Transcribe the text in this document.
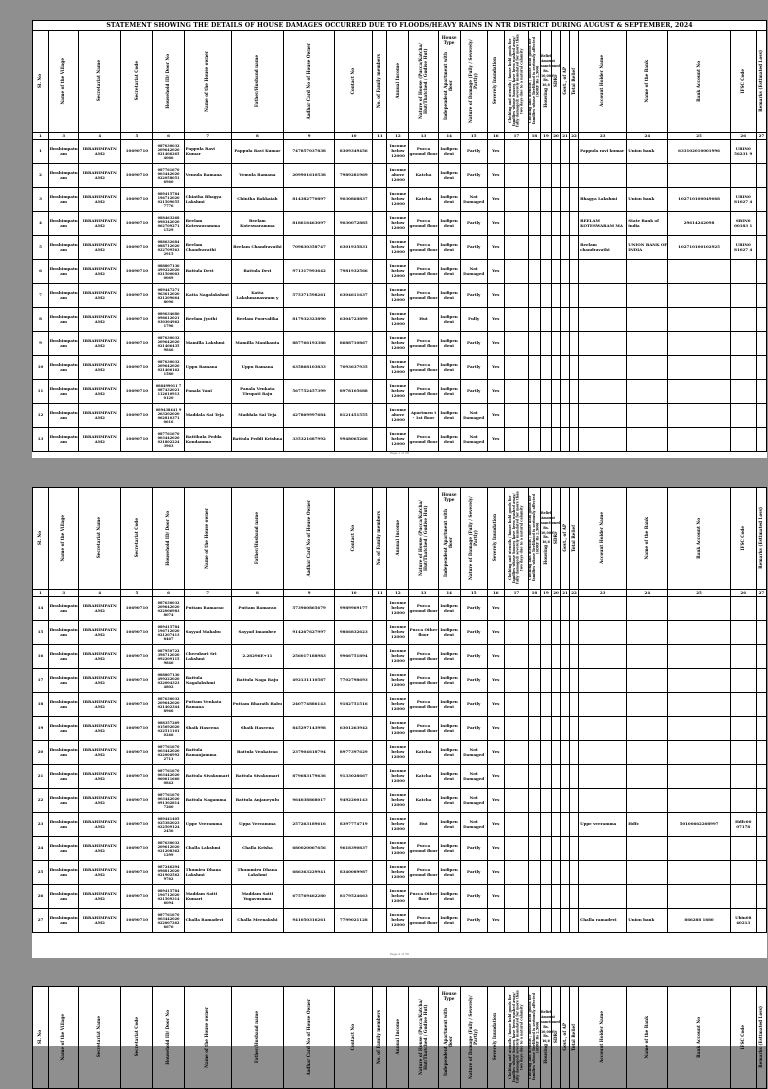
STATEMENT SHOWING THE DETAILS OF HOUSE DAMAGES OCCURRED DUE TO FLOODS/HEAVY RAINS IN NTR DISTRICT DURING AUGUST & SEPTEMBER, 2024
Sl. No	Name of the Village	Secretariat Name	Secretariat Code	Household ID/ Door No	Name of the House owner	Father/Husband name	Aadhar Card No of House Owner	Contact No	No. of Family members	Annual Income	Nature of House (Pucca/Katcha/ Hut/Thatched / Gudise Hut)	House Type
Independent Apartment with floor	Nature of Damage (Fully / Severely/ Partly)	Severely Inundation	Clothing and utensils / house hold goods for families whose houses have been washed away/ fully damaged/ severely inundated for more than two days due to a natural calamity	Clothing and utensils / house hold goods for families whose livelihood is seriously affected (SDRF Rs 2,500)	Relief Amount sanctioned Rs. 10,000 Rs. 16,6
Housing	SDRF	Govt., of AP	Total Relief	Account Holder Name	Name of the Bank	Bank Account No	IFSC Code	Remarks (Estimated Loss)
1	3	4	5	6	7	8	9	10	11	12	13	14	15	16	17	18	19	20	21	22	23	24	25	26	27
1	Ibrahimpatn am	IBRAHIMPATN AM2	10690710	087630032 209642020 021406265 4066	Pappula Ravi Kumar	Pappula Ravi Kumar	747857037838	8309349456		Income below 12000	Pucca ground floor	Indipen dent	Partly	Yes							Pappula ravi kumar	Union bank	633102010001996	UBIN0 56231 9	
2	Ibrahimpatn am	IBRAHIMPATN AM2	10690710	087761670 003442020 022058051 6960	Vemula Ramana	Vemula Ramana	209901610538	7989281969		Income above 12000	Katcha	Indipen dent	Partly	Yes											
3	Ibrahimpatn am	IBRAHIMPATN AM2	10690710	089415784 196712020 021509655 7776	Chintha Bhagya Lakshmi	Chintha Bakkaiah	814382770897	9030868837		Income below 12000	Katcha	Indipen dent	Not Damaged	Yes							Bhagya Lakshmi	Union bank	102710100049068	UBIN0 81027 4	
4	Ibrahimpatn am	IBRAHIMPATN AM2	10690710	088463268 098342020 062709271 1529	Beelam Koteswaramma	Beelam Koteswaramma	818616463097	9030072885		Income below 12000	Pucca ground floor	Indipen dent	Partly	Yes							BEELAM KOTESWARAM MA	State Bank of india	29614242098	SBIN0 00183 1	
5	Ibrahimpatn am	IBRAHIMPATN AM2	10690710	088632684 088712020 022709563 2915	Beelam Chandravathi	Beelam Chandravathi	709830358747	6301935831		Income below 12000	Pucca ground floor	Indipen dent	Partly	Yes							Beelam chandravathi	UNION BANK OF INDIA	102710100102925	UBIN0 81027 4	
6	Ibrahimpatn am	IBRAHIMPATN AM2	10690710	088807136 499222020 021500003 0069	Battula Devi	Battula Devi	971317993642	7981932566		Income below 12000	Pucca ground floor	Indipen dent	Not Damaged	Yes											
7	Ibrahimpatn am	IBRAHIMPATN AM2	10690710	089447271 963612020 021209664 8096	Katta Nagalakshmi	Katta Lakshmanaswam y	575371598261	6304611637		Income below 12000	Pucca ground floor	Indipen dent	Partly	Yes											
8	Ibrahimpatn am	IBRAHIMPATN AM2	10690710	089634680 098612021 030304962 1796	Beelam Jyothi	Beelam Poorvalika	817932323890	6304723899		Income below 12000	Hut	Indipen dent	Fully	Yes											
9	Ibrahimpatn am	IBRAHIMPATN AM2	10690710	087630032 209642020 021406435 9846	Mamilla Lakshmi	Mamilla Manikanta	887766193386	8688710867		Income below 12000	Pucca ground floor	Indipen dent	Partly	Yes											
10	Ibrahimpatn am	IBRAHIMPATN AM2	10690710	087630032 209642020 021406162 1580	Uppu Ramana	Uppu Ramana	635868103833	7093637935		Income below 12000	Pucca ground floor	Indipen dent	Partly	Yes											
11	Ibrahimpatn am	IBRAHIMPATN AM2	10690710	088499011 7 087432021 112610913 0120	Panala Vani	Panala Venkata Tirupati Raju	567752457399	8978105688		Income below 12000	Pucca ground floor	Indipen dent	Partly	Yes											
12	Ibrahimpatn am	IBRAHIMPATN AM2	10690710	089438441 9 263202020 062810371 0616	Maddala Sai Teja	Maddala Sai Teja	427869997684	8121451555		Income above 12000	Apartmen t - 1st floor	Indipen dent	Not Damaged	Yes											
13	Ibrahimpatn am	IBRAHIMPATN AM2	10690710	087761670 003442020 021802224 3963	Battikula Pedda Kondamma	Battula Peddi Krishna	335321687992	9948065266		Income below 12000	Pucca ground floor	Indipen dent	Not Damaged	Yes											
Page 1 of 30
Sl. No	Name of the Village	Secretariat Name	Secretariat Code	Household ID/ Door No	Name of the House owner	Father/Husband name	Aadhar Card No of House Owner	Contact No	No. of Family members	Annual Income	Nature of House (Pucca/Katcha/ Hut/Thatched / Gudise Hut)	House Type
Independent Apartment with floor	Nature of Damage (Fully / Severely/ Partly)	Severely Inundation	Clothing and utensils / house hold goods for families whose houses have been washed away/ fully damaged/ severely inundated for more than two days due to a natural calamity	Clothing and utensils / house hold goods for families whose livelihood is seriously affected (SDRF Rs 2,500)	Relief Amount sanctioned Rs. 10,000 Rs. 16,6
Housing	SDRF	Govt., of AP	Total Relief	Account Holder Name	Name of the Bank	Bank Account No	IFSC Code	Remarks (Estimated Loss)
1	3	4	5	6	7	8	9	10	11	12	13	14	15	16	17	18	19	20	21	22	23	24	25	26	27
14	Ibrahimpatn am	IBRAHIMPATN AM2	10690710	087630032 209642020 022006983 8074	Puttam Ramarao	Puttam Ramarao	573960865679	9989969177		Income below 12000	Pucca ground floor	Indipen dent	Partly	Yes											
15	Ibrahimpatn am	IBRAHIMPATN AM2	10690710	089415784 196712020 021207413 8467	Sayyad Mahabu	Sayyad Imambee	914267627997	9866832623		Income below 12000	Pucca Other floor	Indipen dent	Partly	Yes											
16	Ibrahimpatn am	IBRAHIMPATN AM2	10690710	087950722 398712020 092209115 9846	Cherukuri Sri Lakshmi	2.28296E+11	256017188983	9966751894		Income below 12000	Pucca ground floor	Indipen dent	Partly	Yes											
17	Ibrahimpatn am	IBRAHIMPATN AM2	10690710	088807136 499222020 022004323 4802	Battula Nagalakshmi	Battula Naga Raju	492131110587	7702798693		Income below 12000	Pucca ground floor	Indipen dent	Partly	Yes											
18	Ibrahimpatn am	IBRAHIMPATN AM2	10690710	087630032 209642020 021402344 8966	Puttam Venkata Ramana	Puttam Bharath Babu	240774886143	9182751516		Income below 12000	Pucca ground floor	Indipen dent	Partly	Yes											
19	Ibrahimpatn am	IBRAHIMPATN AM2	10690710	088357269 015692020 022511101 0246	Shaik Haseena	Shaik Haseena	845297143998	6301263942		Income below 12000	Pucca ground floor	Indipen dent	Partly	Yes											
20	Ibrahimpatn am	IBRAHIMPATN AM2	10690710	087761670 003442020 022006992 2711	Battula Ramanjamma	Battula Venkatrao	237904618794	8977397629		Income below 12000	Katcha	Indipen dent	Not Damaged	Yes											
21	Ibrahimpatn am	IBRAHIMPATN AM2	10690710	087761670 003442020 060611660 0842	Battula Sivakumari	Battula Sivakumari	879683179636	9133028667		Income below 12000	Katcha	Indipen dent	Not Damaged	Yes											
22	Ibrahimpatn am	IBRAHIMPATN AM2	10690710	087761670 003442020 091302814 7260	Battula Nagamma	Battula Anjaneyulu	964038868017	9492200143		Income below 12000	Katcha	Indipen dent	Not Damaged	Yes											
23	Ibrahimpatn am	IBRAHIMPATN AM2	10690710	089441405 025382023 022509124 2456	Uppe Veeramma	Uppa Veeramma	257263189616	8397774719		Income below 12000	Hut	Indipen dent	Not Damaged	Yes							Uppe veeramma	Hdfc	50100662208997	Hdfc00 07178	
24	Ibrahimpatn am	IBRAHIMPATN AM2	10690710	087630032 209612020 021208362 1299	Challa Lakshmi	Challa Krisha	680020067656	9618390837		Income below 12000	Pucca ground floor	Indipen dent	Partly	Yes											
25	Ibrahimpatn am	IBRAHIMPATN AM2	10690710	087246294 098812020 021902562 9762	Thumiru Dhana Lakshmi	Thummiru Dhana Lakshmi	686363229941	8340089987		Income below 12000	Pucca ground floor	Indipen dent	Partly	Yes											
26	Ibrahimpatn am	IBRAHIMPATN AM2	10690710	089415784 196712020 021509314 6094	Maddam Satti Kumari	Maddam Satti Yugavusuma	675769462280	8179524663		Income below 12000	Pucca Other floor	Indipen dent	Partly	Yes											
27	Ibrahimpatn am	IBRAHIMPATN AM2	10690710	087761670 003442020 022007262 6676	Challa Ramadevi	Challa Meenakshi	941050316261	7799021128		Income below 12000	Pucca ground floor	Indipen dent	Partly	Yes							Challa ramadevi	Union bank	866288 1880	Ubin08 40213	
Page 2 of 30
Sl. No	Name of the Village	Secretariat Name	Secretariat Code	Household ID/ Door No	Name of the House owner	Father/Husband name	Aadhar Card No of House Owner	Contact No	No. of Family members	Annual Income	Nature of House (Pucca/Katcha/ Hut/Thatched / Gudise Hut)	
House Type
Independent Apartment with floor	Nature of Damage (Fully / Severely/ Partly)	Severely Inundation	Clothing and utensils / house hold goods for families whose houses have been washed away/ fully damaged/ severely inundated for more than two days due to a natural calamity	Clothing and utensils / house hold goods for families whose livelihood is seriously affected (SDRF Rs 2,500)	
Relief Amount sanctioned Rs. 10,000 Rs. 16,6
Housing	SDRF	Govt., of AP	Total Relief	Account Holder Name	Name of the Bank	Bank Account No	IFSC Code	Remarks (Estimated Loss)
